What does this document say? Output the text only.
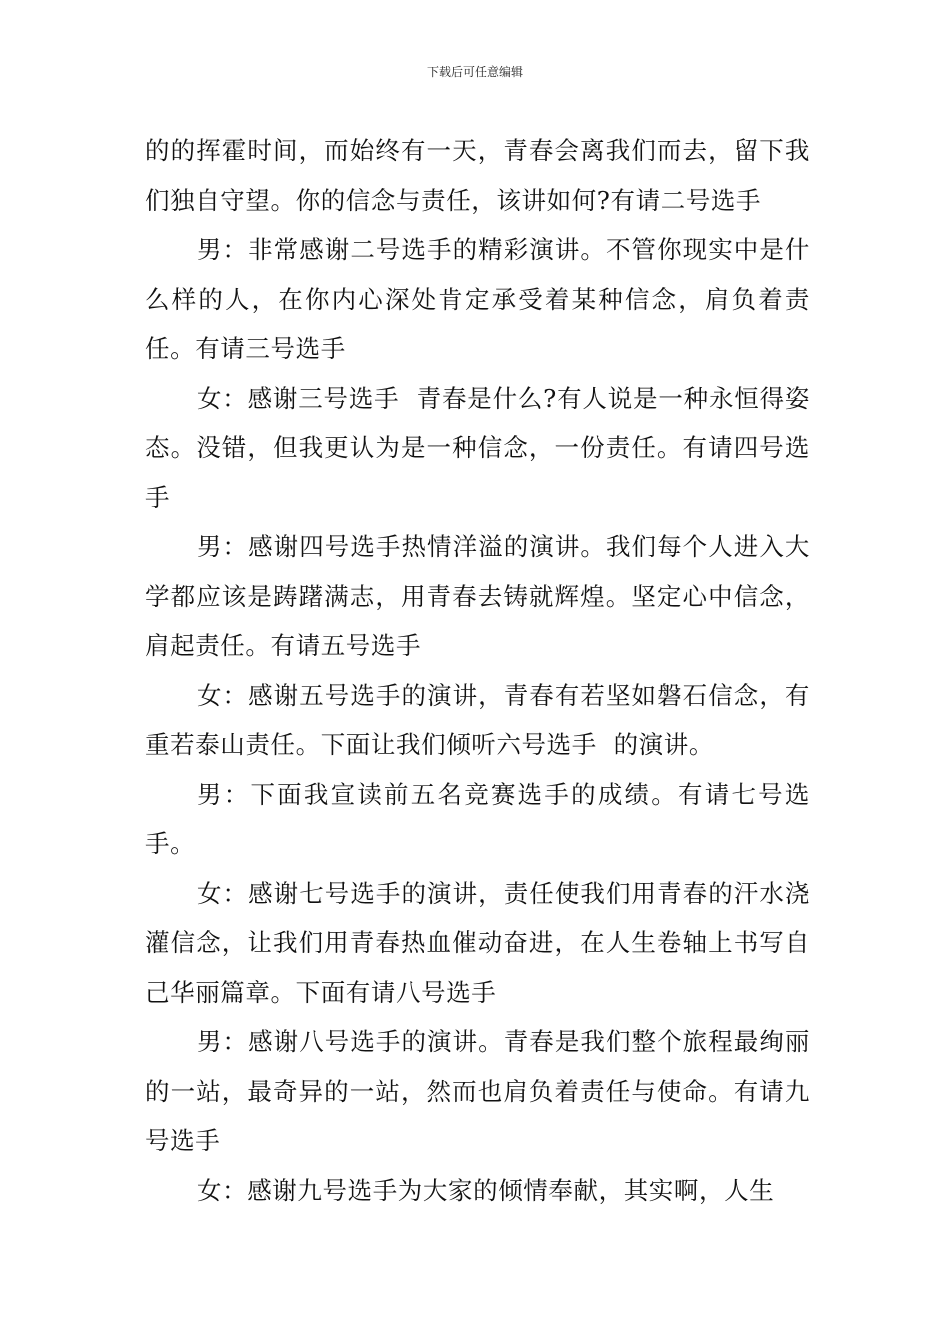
下载后可任意编辑

的的挥霍时间，而始终有一天，青春会离我们而去，留下我们独自守望。你的信念与责任，该讲如何?有请二号选手

男：非常感谢二号选手的精彩演讲。不管你现实中是什么样的人，在你内心深处肯定承受着某种信念，肩负着责任。有请三号选手

女：感谢三号选手  青春是什么?有人说是一种永恒得姿态。没错，但我更认为是一种信念，一份责任。有请四号选手

男：感谢四号选手热情洋溢的演讲。我们每个人进入大学都应该是踌躇满志，用青春去铸就辉煌。坚定心中信念，肩起责任。有请五号选手

女：感谢五号选手的演讲，青春有若坚如磐石信念，有重若泰山责任。下面让我们倾听六号选手  的演讲。

男：下面我宣读前五名竞赛选手的成绩。有请七号选手。

女：感谢七号选手的演讲，责任使我们用青春的汗水浇灌信念，让我们用青春热血催动奋进，在人生卷轴上书写自己华丽篇章。下面有请八号选手

男：感谢八号选手的演讲。青春是我们整个旅程最绚丽的一站，最奇异的一站，然而也肩负着责任与使命。有请九号选手

女：感谢九号选手为大家的倾情奉献，其实啊，人生
